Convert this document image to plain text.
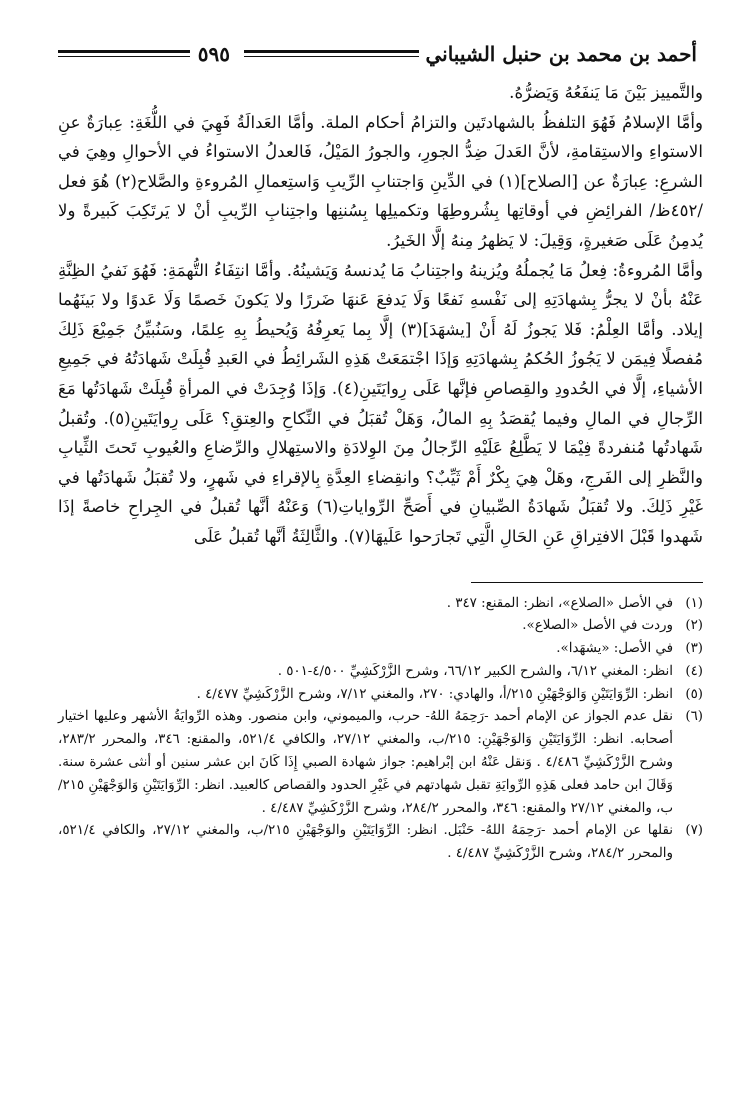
أحمد بن محمد بن حنبل الشيباني
٥٩٥

والتَّمييز بَيْنَ مَا يَنفَعُهُ وَيَضرُّهُ.

وأمَّا الإسلامُ فَهُوَ التلفظُ بالشهادتَين والتزامُ أحكام الملة. وأمَّا العَدالَةُ فَهِيَ في اللُّغَةِ: عِبارَةٌ عنِ الاستواءِ والاستِقامةِ، لأنَّ العَدلَ ضِدُّ الجورِ، والجورُ المَيْلُ، فَالعدلُ الاستواءُ في الأحوالِ وهِيَ في الشرعِ: عِبارَةٌ عن [الصلاح](١) في الدِّينِ وَاجتنابِ الرِّيبِ وَاستِعمالِ المُروءةِ والصَّلاح(٢) هُوَ فعل /٤٥٢ظ/ الفرائِضِ في أوقاتِها بِشُروطِهَا وتكميلِها بِسُننِها واجتِنابِ الرِّيبِ أنْ لا يَرتَكِبَ كَبيرةً ولا يُدمِنُ عَلَى صَغيرةٍ، وَقِيلَ: لا يَظهرُ مِنهُ إلَّا الخَيرُ.

وأمَّا المُروءةُ: فِعلُ مَا يُجملُهُ ويُزينهُ واجتِنابُ مَا يُدنسهُ وَيَشينُهُ. وأمَّا انتِفَاءُ التُّهمَةِ: فَهُوَ نَفيُ الظِنَّةِ عَنْهُ بأنْ لا يجرُّ بِشهادَتِهِ إلى نَفْسهِ نَفعًا وَلَا يَدفعَ عَنهَا ضَررًا ولا يَكونَ خَصمًا وَلَا عَدوًا ولا بَينَهُما إيلاد. وأمَّا العِلْمُ: فَلا يَجوزُ لَهُ أَنْ [يشهَدَ](٣) إلَّا بِما يَعرِفُهُ وَيُحيطُ بِهِ عِلمًا، وسَنُبيِّنُ جَمِيْعَ ذَلِكَ مُفصلًا فِيمَن لا يَجُوزُ الحُكمُ بِشهادَتِهِ وَإذَا اجْتمَعَتْ هَذِهِ الشَرائِطُ في العَبدِ قُبِلَتْ شَهادَتُهُ في جَمِيعِ الأشياءِ، إلَّا في الحُدودِ والقِصاصِ فإنَّها عَلَى رِوايَتَينِ(٤). وَإذَا وُجِدَتْ في المرأةِ قُبِلَتْ شَهادَتُها مَعَ الرِّجالِ في المالِ وفيما يُقصَدُ بِهِ المالُ، وَهَلْ تُقبَلُ في النِّكاحِ والعِتقِ؟ عَلَى رِوايَتَينِ(٥). وتُقبلُ شَهادتُها مُنفردةً فِيْمَا لا يَطَّلِعُ عَلَيْهِ الرِّجالُ مِنَ الوِلادَةِ والاستِهلالِ والرِّضاعِ والعُيوبِ تَحتَ الثِّيابِ والنَّظرِ إلى الفَرجِ، وهَلْ هِيَ بِكْرٌ أَمْ ثَيِّبٌ؟ وانقِضاءِ العِدَّةِ بِالإقراءِ في شَهرٍ، ولا تُقبَلُ شَهادَتُها في غَيْرِ ذَلِكَ. ولا تُقبَلُ شَهادَةُ الصِّبيانِ في أَصَحِّ الرِّواياتِ(٦) وَعَنْهُ أنَّها تُقبلُ في الجِراحِ خاصةً إذَا شَهدوا قَبْلَ الافتِراقِ عَنِ الحَالِ الَّتِي تَجارَحوا عَلَيهَا(٧). والثَّالِثَةُ أنَّها تُقبلُ عَلَى

(١)
في الأصل «الصلاع»، انظر: المقنع: ٣٤٧ .
(٢)
وردت في الأصل «الصلاع».
(٣)
في الأصل: «يشهَدا».
(٤)
انظر: المغني ٦/١٢، والشرح الكبير ٦٦/١٢، وشرح الزَّرْكَشِيِّ ٤/٥٠٠-٥٠١ .
(٥)
انظر: الرِّوَايَتَيْنِ وَالوَجْهَيْنِ ٢١٥/أ، والهادي: ٢٧٠، والمغني ٧/١٢، وشرح الزَّرْكَشِيِّ ٤/٤٧٧ .
(٦)
نقل عدم الجواز عن الإمام أحمد -رَحِمَهُ اللهُ- حرب، والميموني، وابن منصور. وهذه الرِّوايَةُ الأشهر وعليها اختيار أصحابه. انظر: الرِّوَايَتَيْنِ وَالوَجْهَيْنِ: ٢١٥/ب، والمغني ٢٧/١٢، والكافي ٥٢١/٤، والمقنع: ٣٤٦، والمحرر ٢٨٣/٢، وشرح الزَّرْكَشِيِّ ٤/٤٨٦ . وَنقل عَنْهُ ابن إبْراهيم: جواز شهادة الصبي إِذَا كَانَ ابن عشر سنين أو أنثى عشرة سنة. وَقَالَ ابن حامد فعلى هَذِهِ الرِّوايَةِ تقبل شهادتهم في غَيْرِ الحدود والقصاص كالعبيد. انظر: الرِّوَايَتَيْنِ وَالوَجْهَيْنِ ٢١٥/ب، والمغني ٢٧/١٢ والمقنع: ٣٤٦، والمحرر ٢٨٤/٢، وشرح الزَّرْكَشِيِّ ٤/٤٨٧ .
(٧)
نقلها عن الإمام أحمد -رَحِمَهُ اللهُ- حَنْبَل. انظر: الرِّوَايَتَيْنِ والوَجْهَيْنِ ٢١٥/ب، والمغني ٢٧/١٢، والكافي ٥٢١/٤، والمحرر ٢٨٤/٢، وشرح الزَّرْكَشِيِّ ٤/٤٨٧ .
